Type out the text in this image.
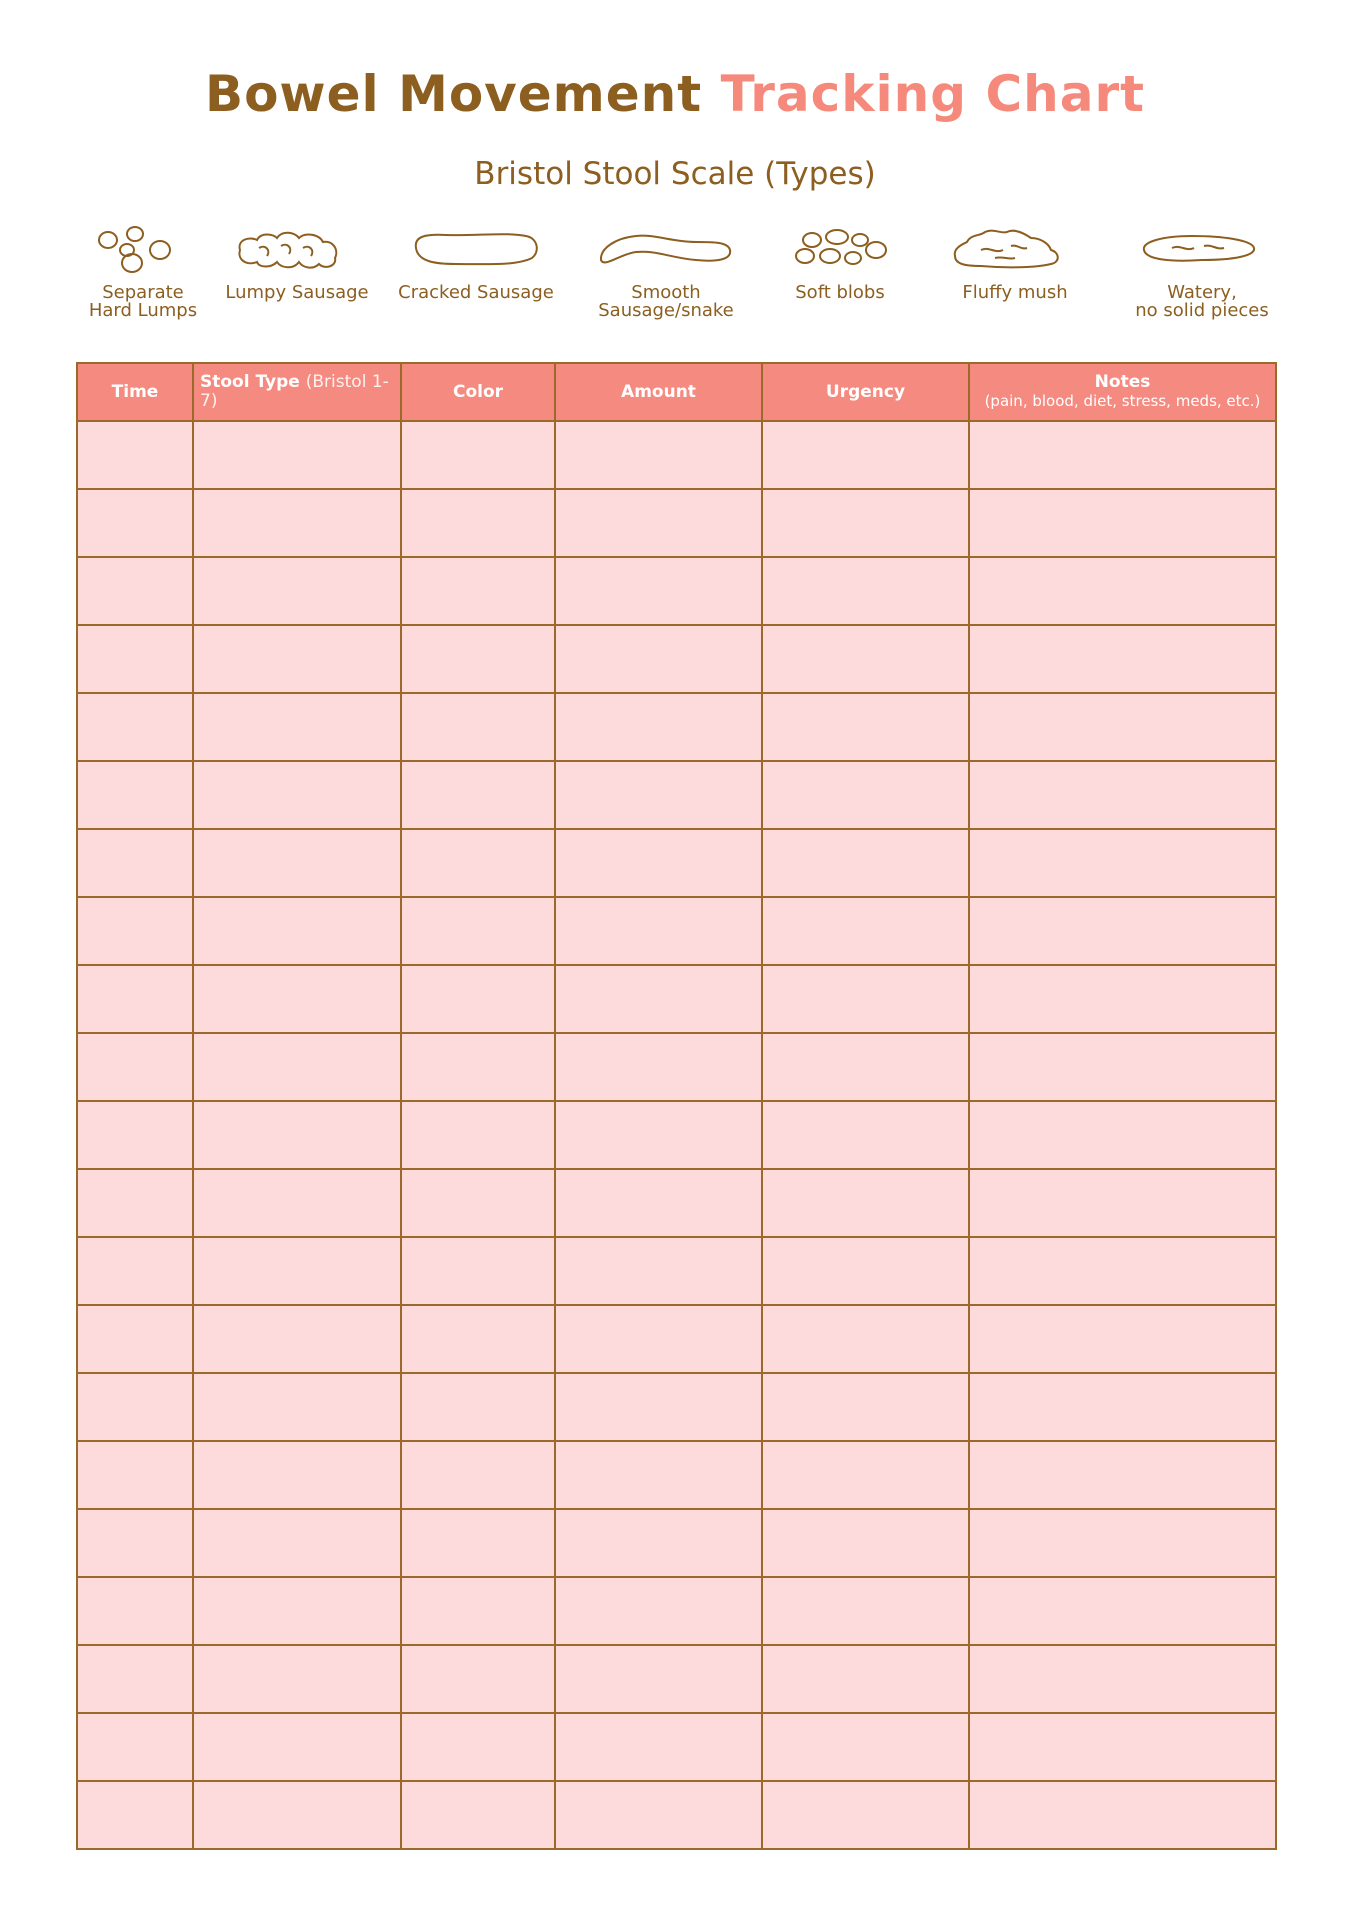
Bowel Movement Tracking Chart
Bristol Stool Scale (Types)
Separate
Hard Lumps
Lumpy Sausage	Cracked Sausage	Smooth
Sausage/snake
Soft blobs	Fluffy mush	Watery,
no solid pieces
Time	Stool Type (Bristol 1-7)	Color	Amount	Urgency	Notes
(pain, blood, diet, stress, meds, etc.)
